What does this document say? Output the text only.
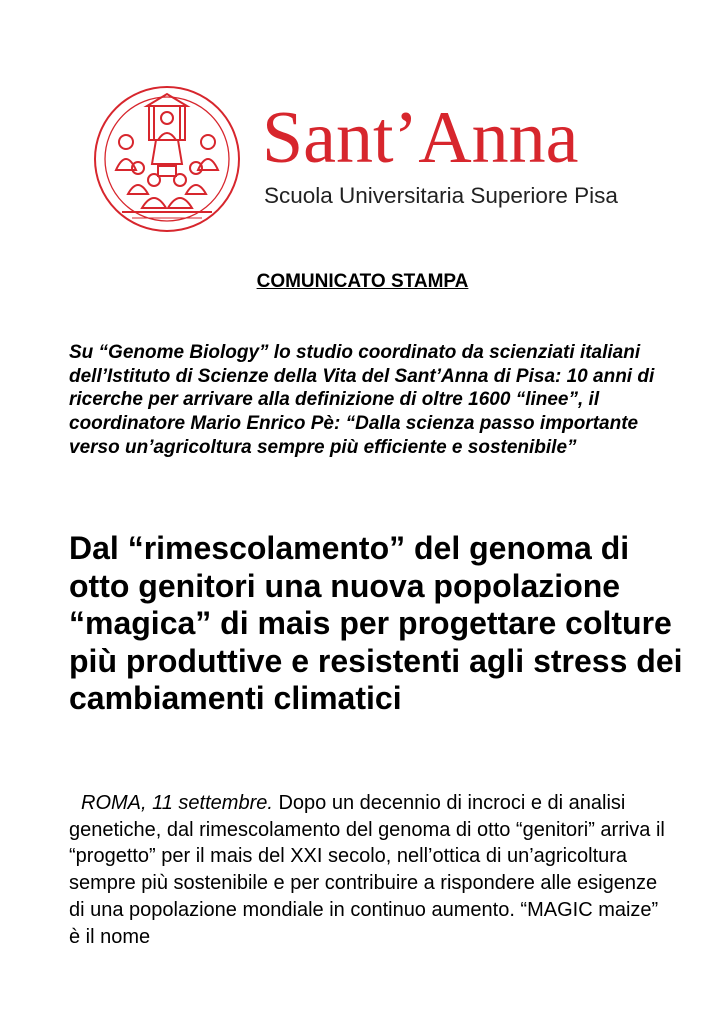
Sant’Anna
Scuola Universitaria Superiore Pisa
COMUNICATO STAMPA

Su “Genome Biology” lo studio coordinato da scienziati italiani dell’Istituto di Scienze della Vita del Sant’Anna di Pisa: 10 anni di ricerche per arrivare alla definizione di oltre 1600 “linee”, il coordinatore Mario Enrico Pè: “Dalla scienza passo importante verso un’agricoltura sempre più efficiente e sostenibile”

Dal “rimescolamento” del genoma di otto genitori una nuova popolazione “magica” di mais per progettare colture più produttive e resistenti agli stress dei cambiamenti climatici

ROMA, 11 settembre. Dopo un decennio di incroci e di analisi genetiche, dal rimescolamento del genoma di otto “genitori” arriva il “progetto” per il mais del XXI secolo, nell’ottica di un’agricoltura sempre più sostenibile e per contribuire a rispondere alle esigenze di una popolazione mondiale in continuo aumento. “MAGIC maize” è il nome
